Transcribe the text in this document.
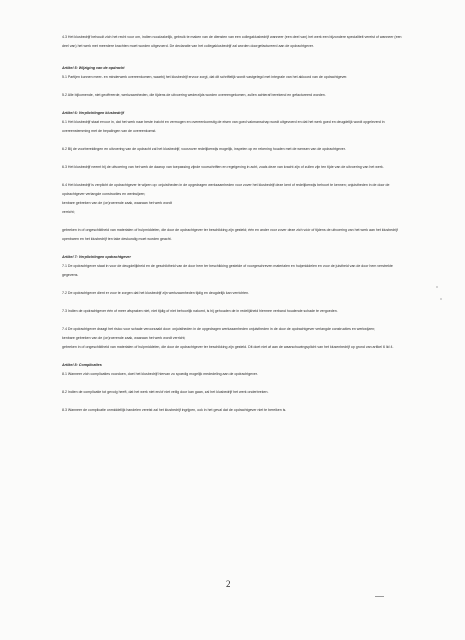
4.3 Het klusbedrijf behoudt zich het recht voor om, indien noodzakelijk, gebruik te maken van de diensten van een collegaklusbedrijf wanneer (een deel van) het werk een bijzondere specialiteit vereist of wanneer (een deel van) het werk met meerdere krachten moet worden uitgevoerd. De declaratie van het collegaklusbedrijf zal worden doorgefactureerd aan de opdrachtgever.

Artikel 5: Wijziging van de opdracht

5.1 Partijen kunnen meer- en minderwerk overeenkomen, waarbij het klusbedrijf ervoor zorgt, dat dit schriftelijk wordt vastgelegd met integrale van het akkoord van de opdrachtgever.

5.2 Alle bijkomende, niet geoffreerde, werkzaamheden, die tijdens de uitvoering wederzijds worden overeengekomen, zullen achteraf berekend en gefactureerd worden.

Artikel 6: Verplichtingen klusbedrijf

6.1 Het klusbedrijf staat ervoor in, dat het werk naar beste inzicht en vermogen en overeenkomstig de eisen van goed vakmanschap wordt uitgevoerd en dat het werk goed en deugdelijk wordt opgeleverd in overeenstemming met de bepalingen van de overeenkomst.

6.2 Bij de voorbereidingen en uitvoering van de opdracht zal het klusbedrijf, voorzover redelijkerwijs mogelijk, inspelen op en rekening houden met de wensen van de opdrachtgever.

6.3 Het klusbedrijf neemt bij de uitvoering van het werk de daarop van toepassing zijnde voorschriften en regelgeving in acht, zoals deze van kracht zijn of zullen zijn ten tijde van de uitvoering van het werk.

6.4 Het klusbedrijf is verplicht de opdrachtgever te wijzen op: onjuistheden in de opgedragen werkzaamheden voor zover het klusbedrijf deze kent of redelijkerwijs behoort te kennen; onjuistheden in de door de opdrachtgever verlangde constructies en werkwijzen;

kenbare gebreken van de (on)roerende zaak, waaraan het werk wordt

verricht;

gebreken in of ongeschiktheid van materialen of hulpmiddelen, die door de opdrachtgever ter beschikking zijn gesteld; één en ander voor zover deze zich vóór of tijdens de uitvoering van het werk aan het klusbedrijf openbaren en het klusbedrijf ten take deskundig moet worden geacht.

Artikel 7: Verplichtingen opdrachtgever

7.1 De opdrachtgever staat in voor de deugdelijkheid en de geschiktheid van de door hem ter beschikking gestelde of voorgeschreven materialen en hulpmiddelen en voor de juistheid van de door hem verstrekte gegevens.

7.2 De opdrachtgever dient er voor te zorgen dat het klusbedrijf zijn werkzaamheden tijdig en deugdelijk kan verrichten.

7.3 Indien de opdrachtgever één of meer afspraken niet, niet tijdig of niet behoorlijk nakomt, is hij gehouden de in redelijkheid hiermee verband houdende schade te vergoeden.

7.4 De opdrachtgever draagt het risico voor schade veroorzaakt door: onjuistheden in de opgedragen werkzaamheden onjuistheden in de door de opdrachtgever verlangde constructies en werkwijzen;

kenbare gebreken van de (on)roerende zaak, waaraan het werk wordt verricht;

gebreken in of ongeschiktheid van materialen of hulpmiddelen, die door de opdrachtgever ter beschikking zijn gesteld. Dit doet niet af aan de waarschuwingsplicht van het klusenbedrijf op grond van artikel 6 lid 4.

Artikel 8: Complicaties

8.1 Wanneer zich complicaties voordoen, doet het klusbedrijf hiervan zo spoedig mogelijk mededeling aan de opdrachtgever.

8.2 Indien de complicatie tot gevolg heeft, dat het werk niet en/of niet veilig door kan gaan, zal het klusbedrijf het werk onderbreken.

8.3 Wanneer de complicatie onmiddellijk handelen vereist zal het klusbedrijf ingrijpen, ook in het geval dat de opdrachtgever niet te bereiken is.

2
